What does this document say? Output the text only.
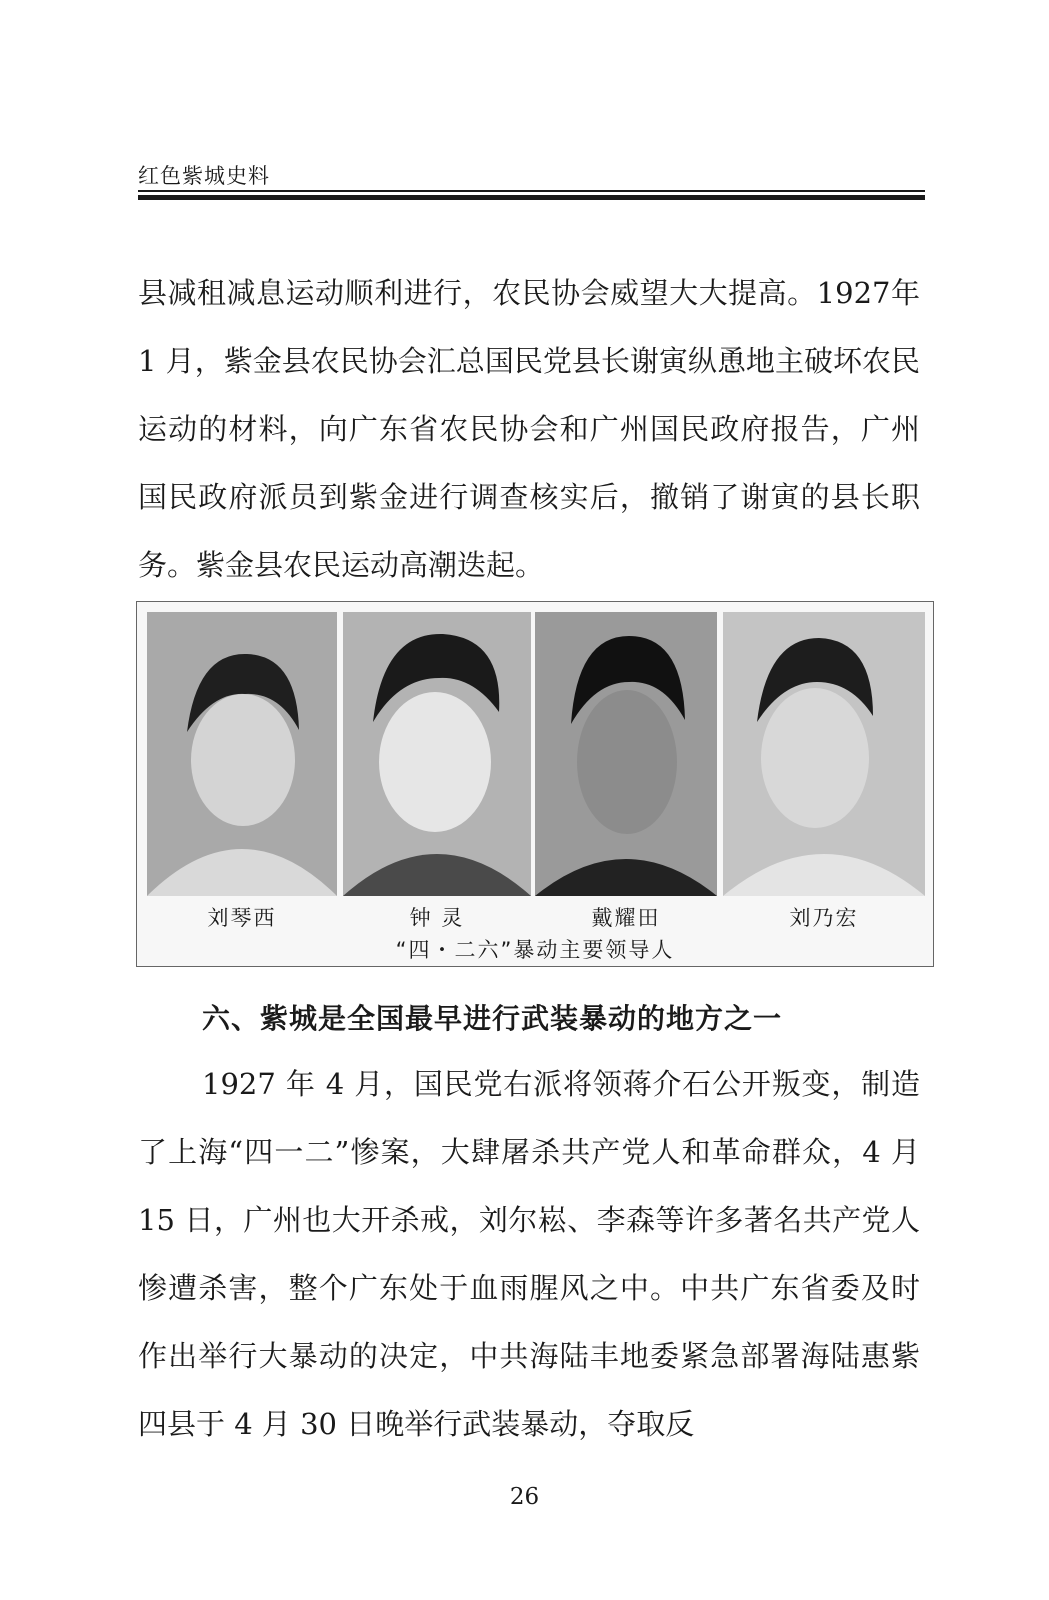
红色紫城史料

县减租减息运动顺利进行，农民协会威望大大提高。1927年 1 月，紫金县农民协会汇总国民党县长谢寅纵恿地主破坏农民运动的材料，向广东省农民协会和广州国民政府报告，广州国民政府派员到紫金进行调查核实后，撤销了谢寅的县长职务。紫金县农民运动高潮迭起。

刘琴西	钟 灵	戴耀田	刘乃宏
“四・二六”暴动主要领导人
六、紫城是全国最早进行武装暴动的地方之一

1927 年 4 月，国民党右派将领蒋介石公开叛变，制造了上海“四一二”惨案，大肆屠杀共产党人和革命群众，4 月 15 日，广州也大开杀戒，刘尔崧、李森等许多著名共产党人惨遭杀害，整个广东处于血雨腥风之中。中共广东省委及时作出举行大暴动的决定，中共海陆丰地委紧急部署海陆惠紫四县于 4 月 30 日晚举行武装暴动，夺取反

26
